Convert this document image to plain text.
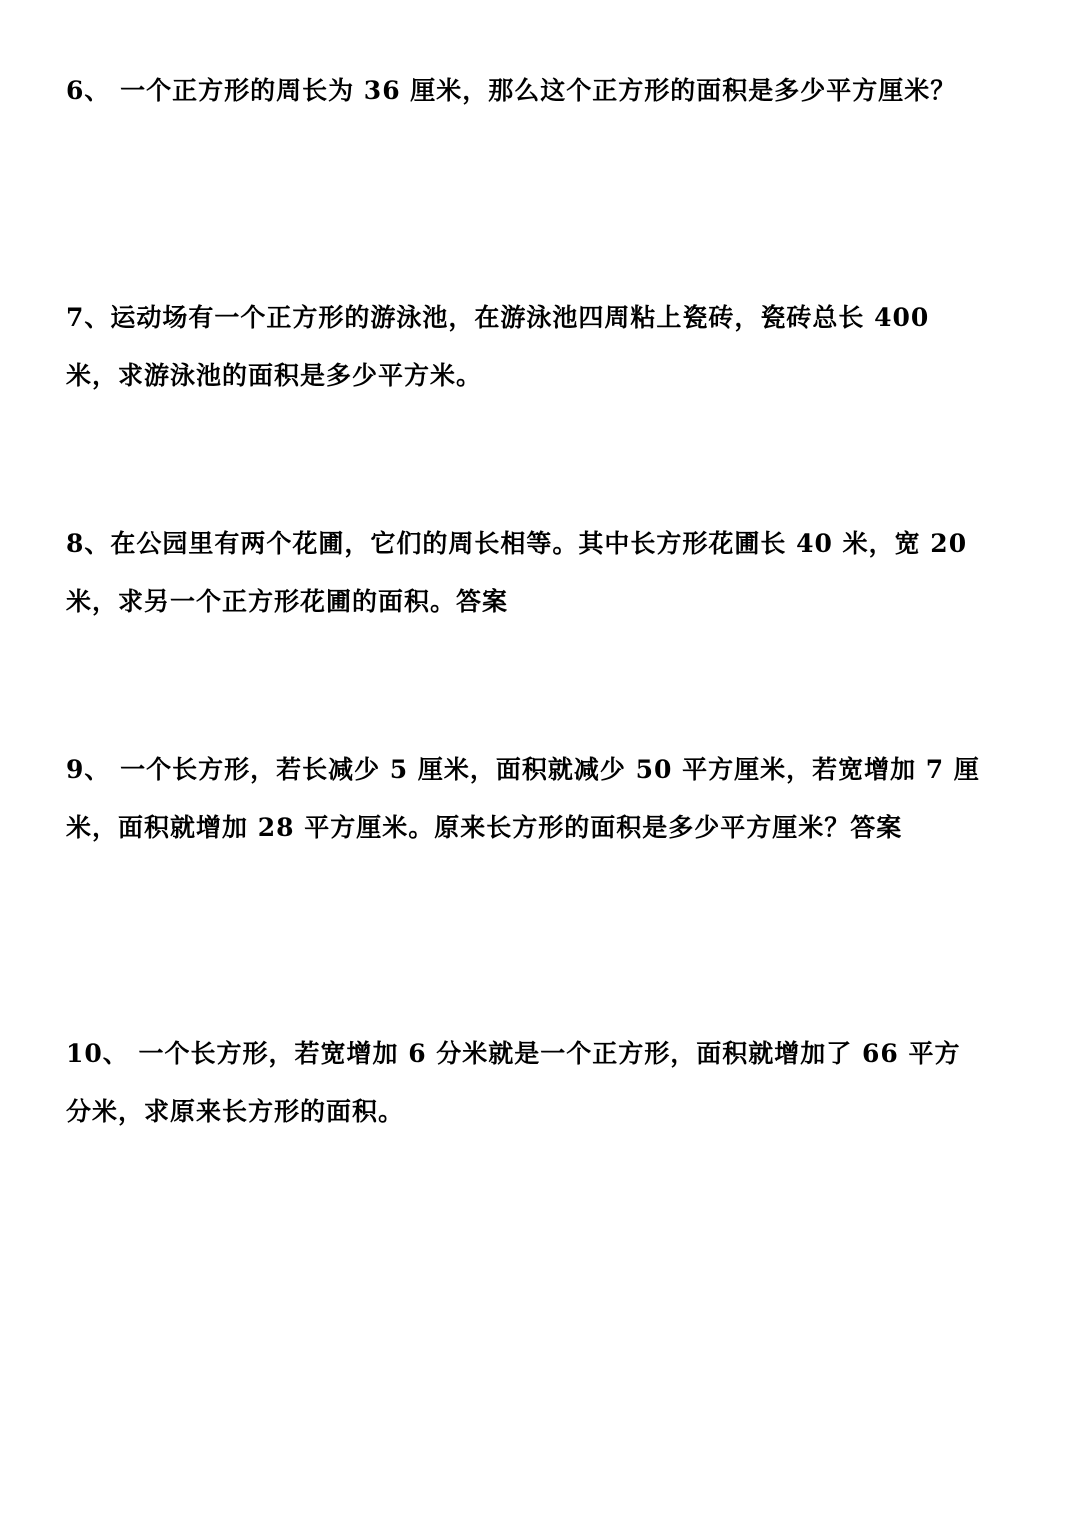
6、 一个正方形的周长为 36 厘米，那么这个正方形的面积是多少平方厘米？

7、运动场有一个正方形的游泳池，在游泳池四周粘上瓷砖，瓷砖总长 400
米，求游泳池的面积是多少平方米。

8、在公园里有两个花圃，它们的周长相等。其中长方形花圃长 40 米，宽 20
米，求另一个正方形花圃的面积。答案

9、 一个长方形，若长减少 5 厘米，面积就减少 50 平方厘米，若宽增加 7 厘
米，面积就增加 28 平方厘米。原来长方形的面积是多少平方厘米？答案

10、 一个长方形，若宽增加 6 分米就是一个正方形，面积就增加了 66 平方
分米，求原来长方形的面积。
